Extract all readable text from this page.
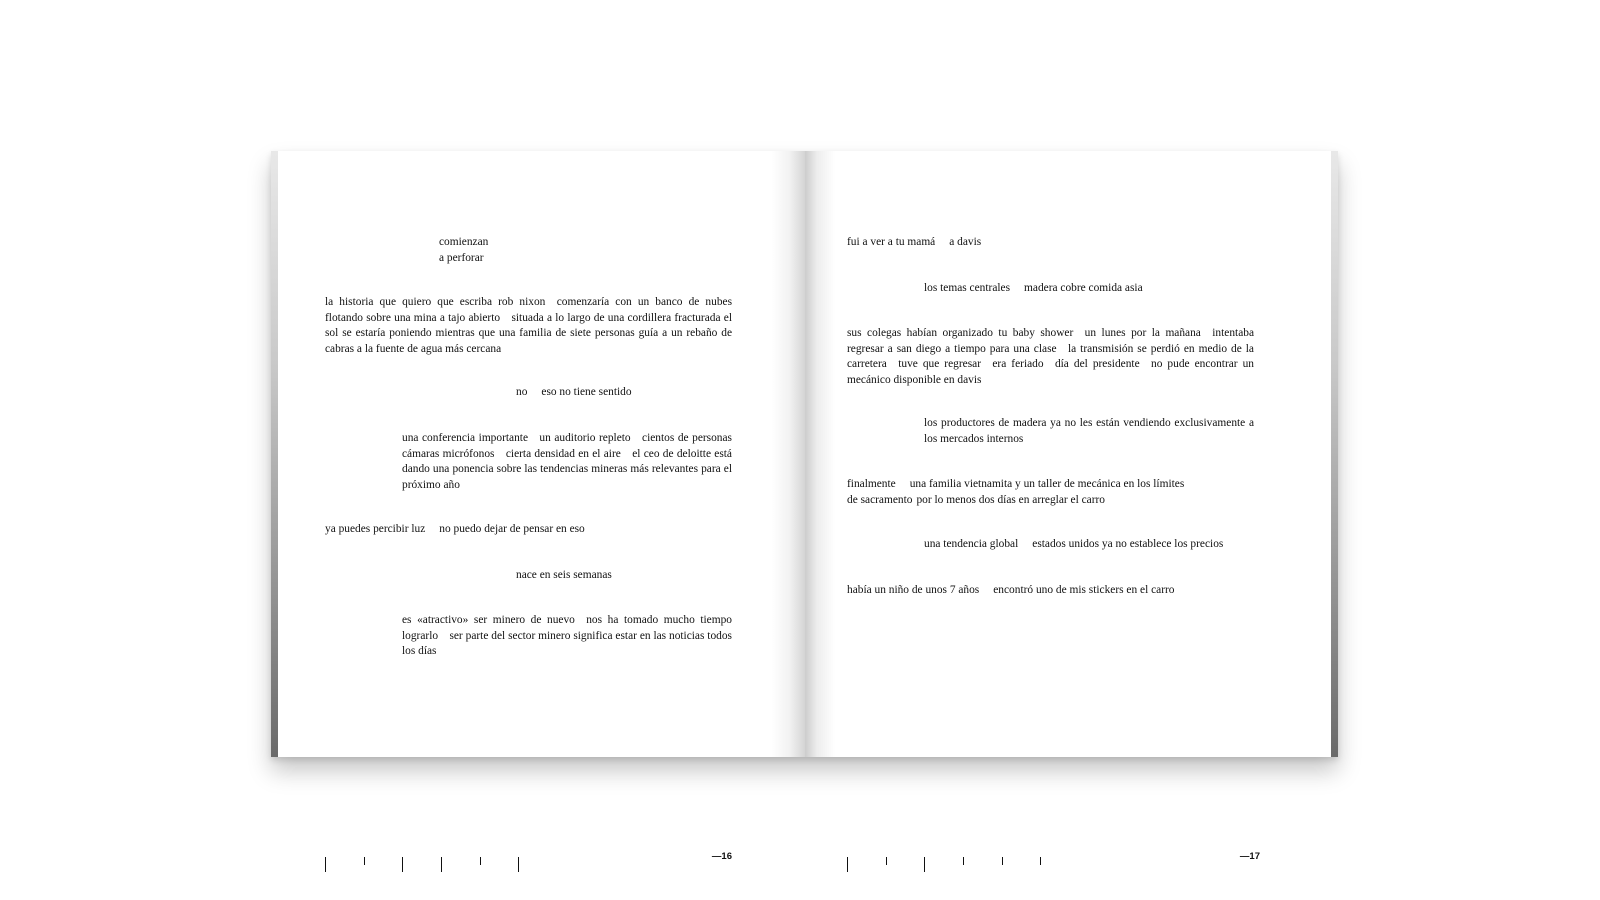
comienzan
a perforar

la historia que quiero que escriba rob nixon comenzaría con un banco de nubes flotando sobre una mina a tajo abierto situada a lo largo de una cordillera fracturada el sol se estaría poniendo mientras que una familia de siete personas guía a un rebaño de cabras a la fuente de agua más cercana

no eso no tiene sentido

una conferencia importante un auditorio repleto cientos de personas cámaras micrófonos cierta densidad en el aire el ceo de deloitte está dando una ponencia sobre las tendencias mineras más relevantes para el próximo año

ya puedes percibir luz no puedo dejar de pensar en eso
nace en seis semanas

es «atractivo» ser minero de nuevo nos ha tomado mucho tiempo lograrlo ser parte del sector minero significa estar en las noticias todos los días

—16
fui a ver a tu mamá a davis
los temas centrales madera cobre comida asia

sus colegas habían organizado tu baby shower un lunes por la mañana intentaba regresar a san diego a tiempo para una clase la transmisión se perdió en medio de la carretera tuve que regresar era feriado día del presidente no pude encontrar un mecánico disponible en davis

los productores de madera ya no les están vendiendo exclusivamente a los mercados internos

finalmente una familia vietnamita y un taller de mecánica en los límites
de sacramento por lo menos dos días en arreglar el carro
una tendencia global estados unidos ya no establece los precios
había un niño de unos 7 años encontró uno de mis stickers en el carro
—17
